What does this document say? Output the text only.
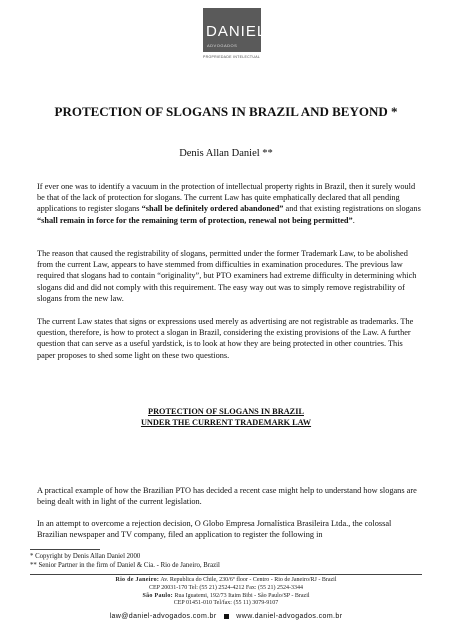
DANIEL
ADVOGADOS
PROPRIEDADE INTELECTUAL
PROTECTION OF SLOGANS IN BRAZIL AND BEYOND *
Denis Allan Daniel **

If ever one was to identify a vacuum in the protection of intellectual property rights in Brazil, then it surely would be that of the lack of protection for slogans. The current Law has quite emphatically declared that all pending applications to register slogans “shall be definitely ordered abandoned” and that existing registrations on slogans “shall remain in force for the remaining term of protection, renewal not being permitted”.

The reason that caused the registrability of slogans, permitted under the former Trademark Law, to be abolished from the current Law, appears to have stemmed from difficulties in examination procedures. The previous law required that slogans had to contain “originality”, but PTO examiners had extreme difficulty in determining which slogans did and did not comply with this requirement. The easy way out was to simply remove registrability of slogans from the new law.

The current Law states that signs or expressions used merely as advertising are not registrable as trademarks. The question, therefore, is how to protect a slogan in Brazil, considering the existing provisions of the Law. A further question that can serve as a useful yardstick, is to look at how they are being protected in other countries. This paper proposes to shed some light on these two questions.

PROTECTION OF SLOGANS IN BRAZIL
UNDER THE CURRENT TRADEMARK LAW

A practical example of how the Brazilian PTO has decided a recent case might help to understand how slogans are being dealt with in light of the current legislation.

In an attempt to overcome a rejection decision, O Globo Empresa Jornalística Brasileira Ltda., the colossal Brazilian newspaper and TV company, filed an application to register the following in

* Copyright by Denis Allan Daniel 2000
** Senior Partner in the firm of Daniel & Cia. - Rio de Janeiro, Brazil
Rio de Janeiro: Av. Republica do Chile, 230/6º floor - Centro - Rio de Janeiro/RJ - Brazil
CEP 20031-170 Tel: (55 21) 2524-4212 Fax: (55 21) 2524-3344
São Paulo: Rua Iguatemi, 192/73 Itaim Bibi - São Paulo/SP - Brazil
CEP 01451-010 Tel/fax: (55 11) 3079-9107
law@daniel-advogados.com.br	www.daniel-advogados.com.br
